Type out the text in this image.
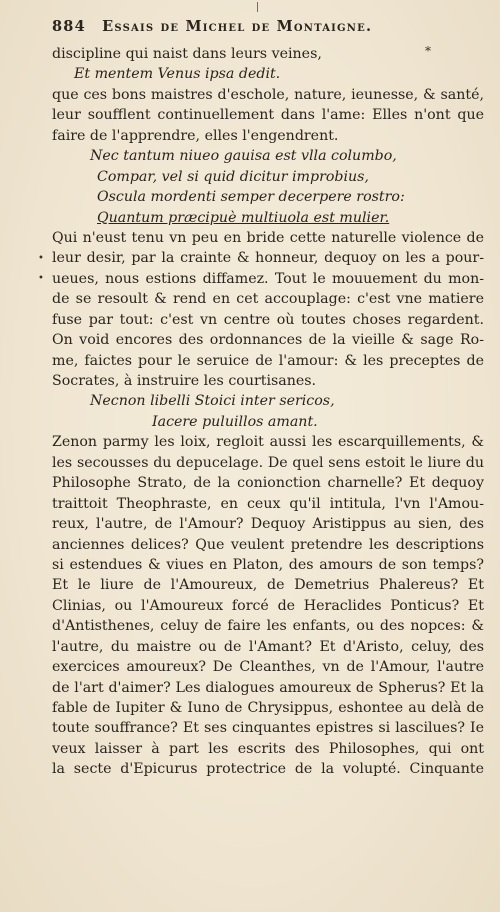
884 Essais de Michel de Montaigne.
*
discipline qui naist dans leurs veines,
Et mentem Venus ipsa dedit.
que ces bons maistres d'eschole, nature, ieunesse, & santé,
leur soufflent continuellement dans l'ame: Elles n'ont que
faire de l'apprendre, elles l'engendrent.
Nec tantum niueo gauisa est vlla columbo,
Compar, vel si quid dicitur improbius,
Oscula mordenti semper decerpere rostro:
Quantum præcipuè multiuola est mulier.
Qui n'eust tenu vn peu en bride cette naturelle violence de
leur desir, par la crainte & honneur, dequoy on les a pour-
ueues, nous estions diffamez. Tout le mouuement du mon-
de se resoult & rend en cet accouplage: c'est vne matiere
fuse par tout: c'est vn centre où toutes choses regardent.
On void encores des ordonnances de la vieille & sage Ro-
me, faictes pour le seruice de l'amour: & les preceptes de
Socrates, à instruire les courtisanes.
Necnon libelli Stoici inter sericos,
Iacere puluillos amant.
Zenon parmy les loix, regloit aussi les escarquillements, &
les secousses du depucelage. De quel sens estoit le liure du
Philosophe Strato, de la conionction charnelle? Et dequoy
traittoit Theophraste, en ceux qu'il intitula, l'vn l'Amou-
reux, l'autre, de l'Amour? Dequoy Aristippus au sien, des
anciennes delices? Que veulent pretendre les descriptions
si estendues & viues en Platon, des amours de son temps?
Et le liure de l'Amoureux, de Demetrius Phalereus? Et
Clinias, ou l'Amoureux forcé de Heraclides Ponticus? Et
d'Antisthenes, celuy de faire les enfants, ou des nopces: &
l'autre, du maistre ou de l'Amant? Et d'Aristo, celuy, des
exercices amoureux? De Cleanthes, vn de l'Amour, l'autre
de l'art d'aimer? Les dialogues amoureux de Spherus? Et la
fable de Iupiter & Iuno de Chrysippus, eshontee au delà de
toute souffrance? Et ses cinquantes epistres si lascilues? Ie
veux laisser à part les escrits des Philosophes, qui ont
la secte d'Epicurus protectrice de la volupté. Cinquante
•
•
